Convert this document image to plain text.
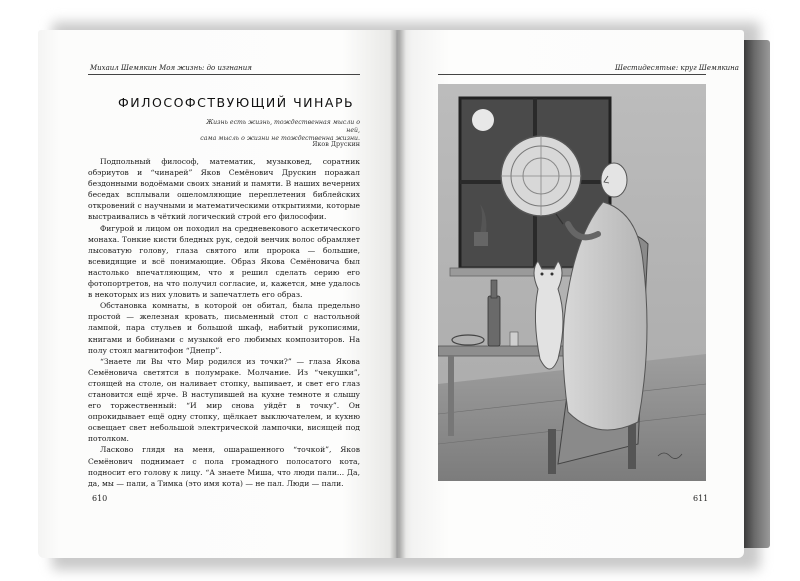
Михаил Шемякин Моя жизнь: до изгнания
ФИЛОСОФСТВУЮЩИЙ ЧИНАРЬ
Жизнь есть жизнь, тождественная мысли о ней,
сама мысль о жизни не тождественна жизни.
Яков Друскин

Подпольный философ, математик, музыковед, соратник обэриутов и “чинарей” Яков Семёнович Друскин поражал бездонными водоёмами своих знаний и памяти. В наших вечерних беседах всплывали ошеломляющие переплетения библейских откровений с научными и математическими открытиями, которые выстраивались в чёткий логический строй его философии.

Фигурой и лицом он походил на средневекового аскетического монаха. Тонкие кисти бледных рук, седой венчик волос обрамляет лысоватую голову, глаза святого или пророка — большие, всевидящие и всё понимающие. Образ Якова Семёновича был настолько впечатляющим, что я решил сделать серию его фотопортретов, на что получил согласие, и, кажется, мне удалось в некоторых из них уловить и запечатлеть его образ.

Обстановка комнаты, в которой он обитал, была предельно простой — железная кровать, письменный стол с настольной лампой, пара стульев и большой шкаф, набитый рукописями, книгами и бобинами с музыкой его любимых композиторов. На полу стоял магнитофон “Днепр”.

“Знаете ли Вы что Мир родился из точки?” — глаза Якова Семёновича светятся в полумраке. Молчание. Из “чекушки”, стоящей на столе, он наливает стопку, выпивает, и свет его глаз становится ещё ярче. В наступившей на кухне темноте я слышу его торжественный: “И мир снова уйдёт в точку”. Он опрокидывает ещё одну стопку, щёлкает выключателем, и кухню освещает свет небольшой электрической лампочки, висящей под потолком.

Ласково глядя на меня, ошарашенного “точкой”, Яков Семёнович поднимает с пола громадного полосатого кота, подносит его голову к лицу. “А знаете Миша, что люди пали... Да, да, мы — пали, а Тимка (это имя кота) — не пал. Люди — пали.

610
Шестидесятые: круг Шемякина
611
